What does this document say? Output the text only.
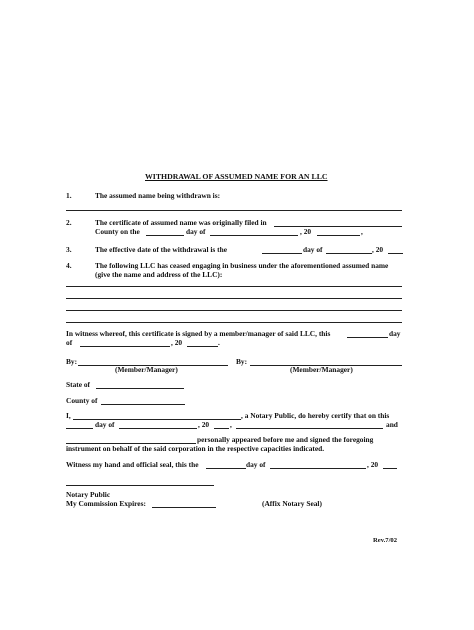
WITHDRAWAL OF ASSUMED NAME FOR AN LLC
1.	The assumed name being withdrawn is:
2.	The certificate of assumed name was originally filed in
County on the	day of	, 20	,
3.	The effective date of the withdrawal is the	day of	, 20
4.	The following LLC has ceased engaging in business under the aforementioned assumed name
(give the name and address of the LLC):
In witness whereof, this certificate is signed by a member/manager of said LLC, this	day
of	, 20	.
By:
(Member/Manager)
By:
(Member/Manager)
State of
County of
I,	, a Notary Public, do hereby certify that on this
day of	, 20	,	and
personally appeared before me and signed the foregoing
instrument on behalf of the said corporation in the respective capacities indicated.
Witness my hand and official seal, this the	day of	, 20
Notary Public
My Commission Expires:	(Affix Notary Seal)
Rev.7/02
